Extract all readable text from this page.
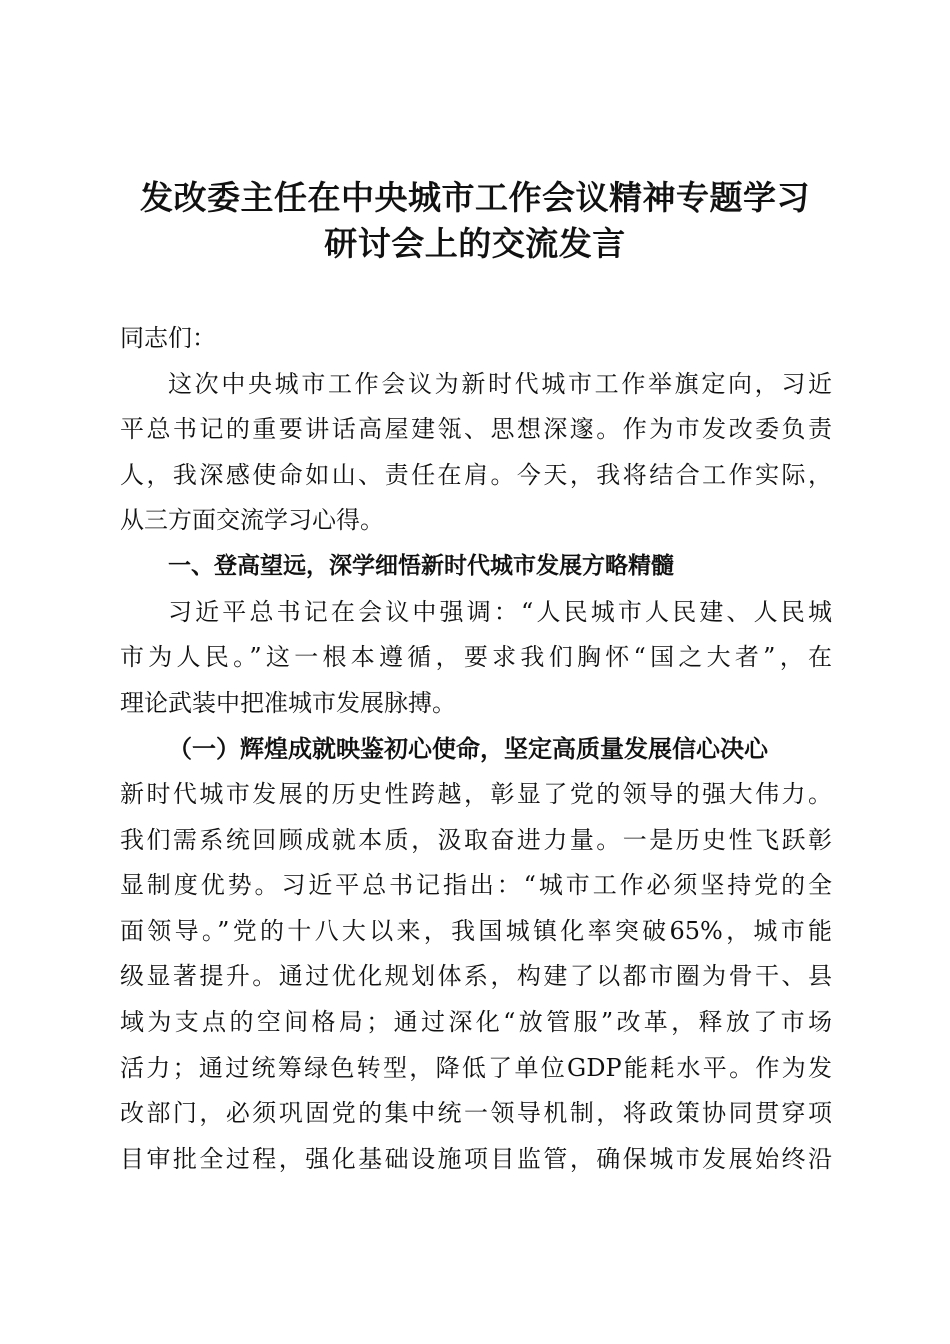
发改委主任在中央城市工作会议精神专题学习
研讨会上的交流发言
同志们：
这次中央城市工作会议为新时代城市工作举旗定向，习近
平总书记的重要讲话高屋建瓴、思想深邃。作为市发改委负责
人，我深感使命如山、责任在肩。今天，我将结合工作实际，
从三方面交流学习心得。
一、登高望远，深学细悟新时代城市发展方略精髓
习近平总书记在会议中强调：“人民城市人民建、人民城
市为人民。”这一根本遵循，要求我们胸怀“国之大者”，在
理论武装中把准城市发展脉搏。
（一）辉煌成就映鉴初心使命，坚定高质量发展信心决心
新时代城市发展的历史性跨越，彰显了党的领导的强大伟力。
我们需系统回顾成就本质，汲取奋进力量。一是历史性飞跃彰
显制度优势。习近平总书记指出：“城市工作必须坚持党的全
面领导。”党的十八大以来，我国城镇化率突破65%，城市能
级显著提升。通过优化规划体系，构建了以都市圈为骨干、县
域为支点的空间格局；通过深化“放管服”改革，释放了市场
活力；通过统筹绿色转型，降低了单位GDP能耗水平。作为发
改部门，必须巩固党的集中统一领导机制，将政策协同贯穿项
目审批全过程，强化基础设施项目监管，确保城市发展始终沿
